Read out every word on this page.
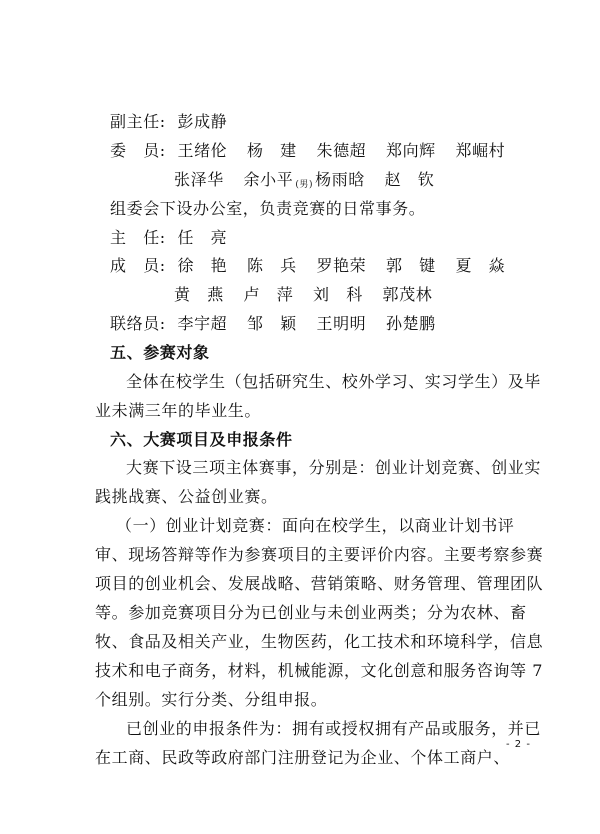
副主任: 彭成静
委　员: 王绪伦 杨　建 朱德超 郑向辉 郑崛村
张泽华 余小平 (男) 杨雨晗 赵　钦
组委会下设办公室，负责竞赛的日常事务。
主　任: 任　亮
成　员: 徐　艳 陈　兵 罗艳荣 郭　键 夏　焱
黄　燕 卢　萍 刘　科 郭茂林
联络员: 李宇超 邹　颖 王明明 孙楚鹏
五、参赛对象
全体在校学生（包括研究生、校外学习、实习学生）及毕
业未满三年的毕业生。
六、大赛项目及申报条件
大赛下设三项主体赛事，分别是：创业计划竞赛、创业实
践挑战赛、公益创业赛。
（一）创业计划竞赛：面向在校学生，以商业计划书评
审、现场答辩等作为参赛项目的主要评价内容。主要考察参赛
项目的创业机会、发展战略、营销策略、财务管理、管理团队
等。参加竞赛项目分为已创业与未创业两类；分为农林、畜
牧、食品及相关产业，生物医药，化工技术和环境科学，信息
技术和电子商务，材料，机械能源，文化创意和服务咨询等 7
个组别。实行分类、分组申报。
已创业的申报条件为：拥有或授权拥有产品或服务，并已
在工商、民政等政府部门注册登记为企业、个体工商户、
- 2 -
